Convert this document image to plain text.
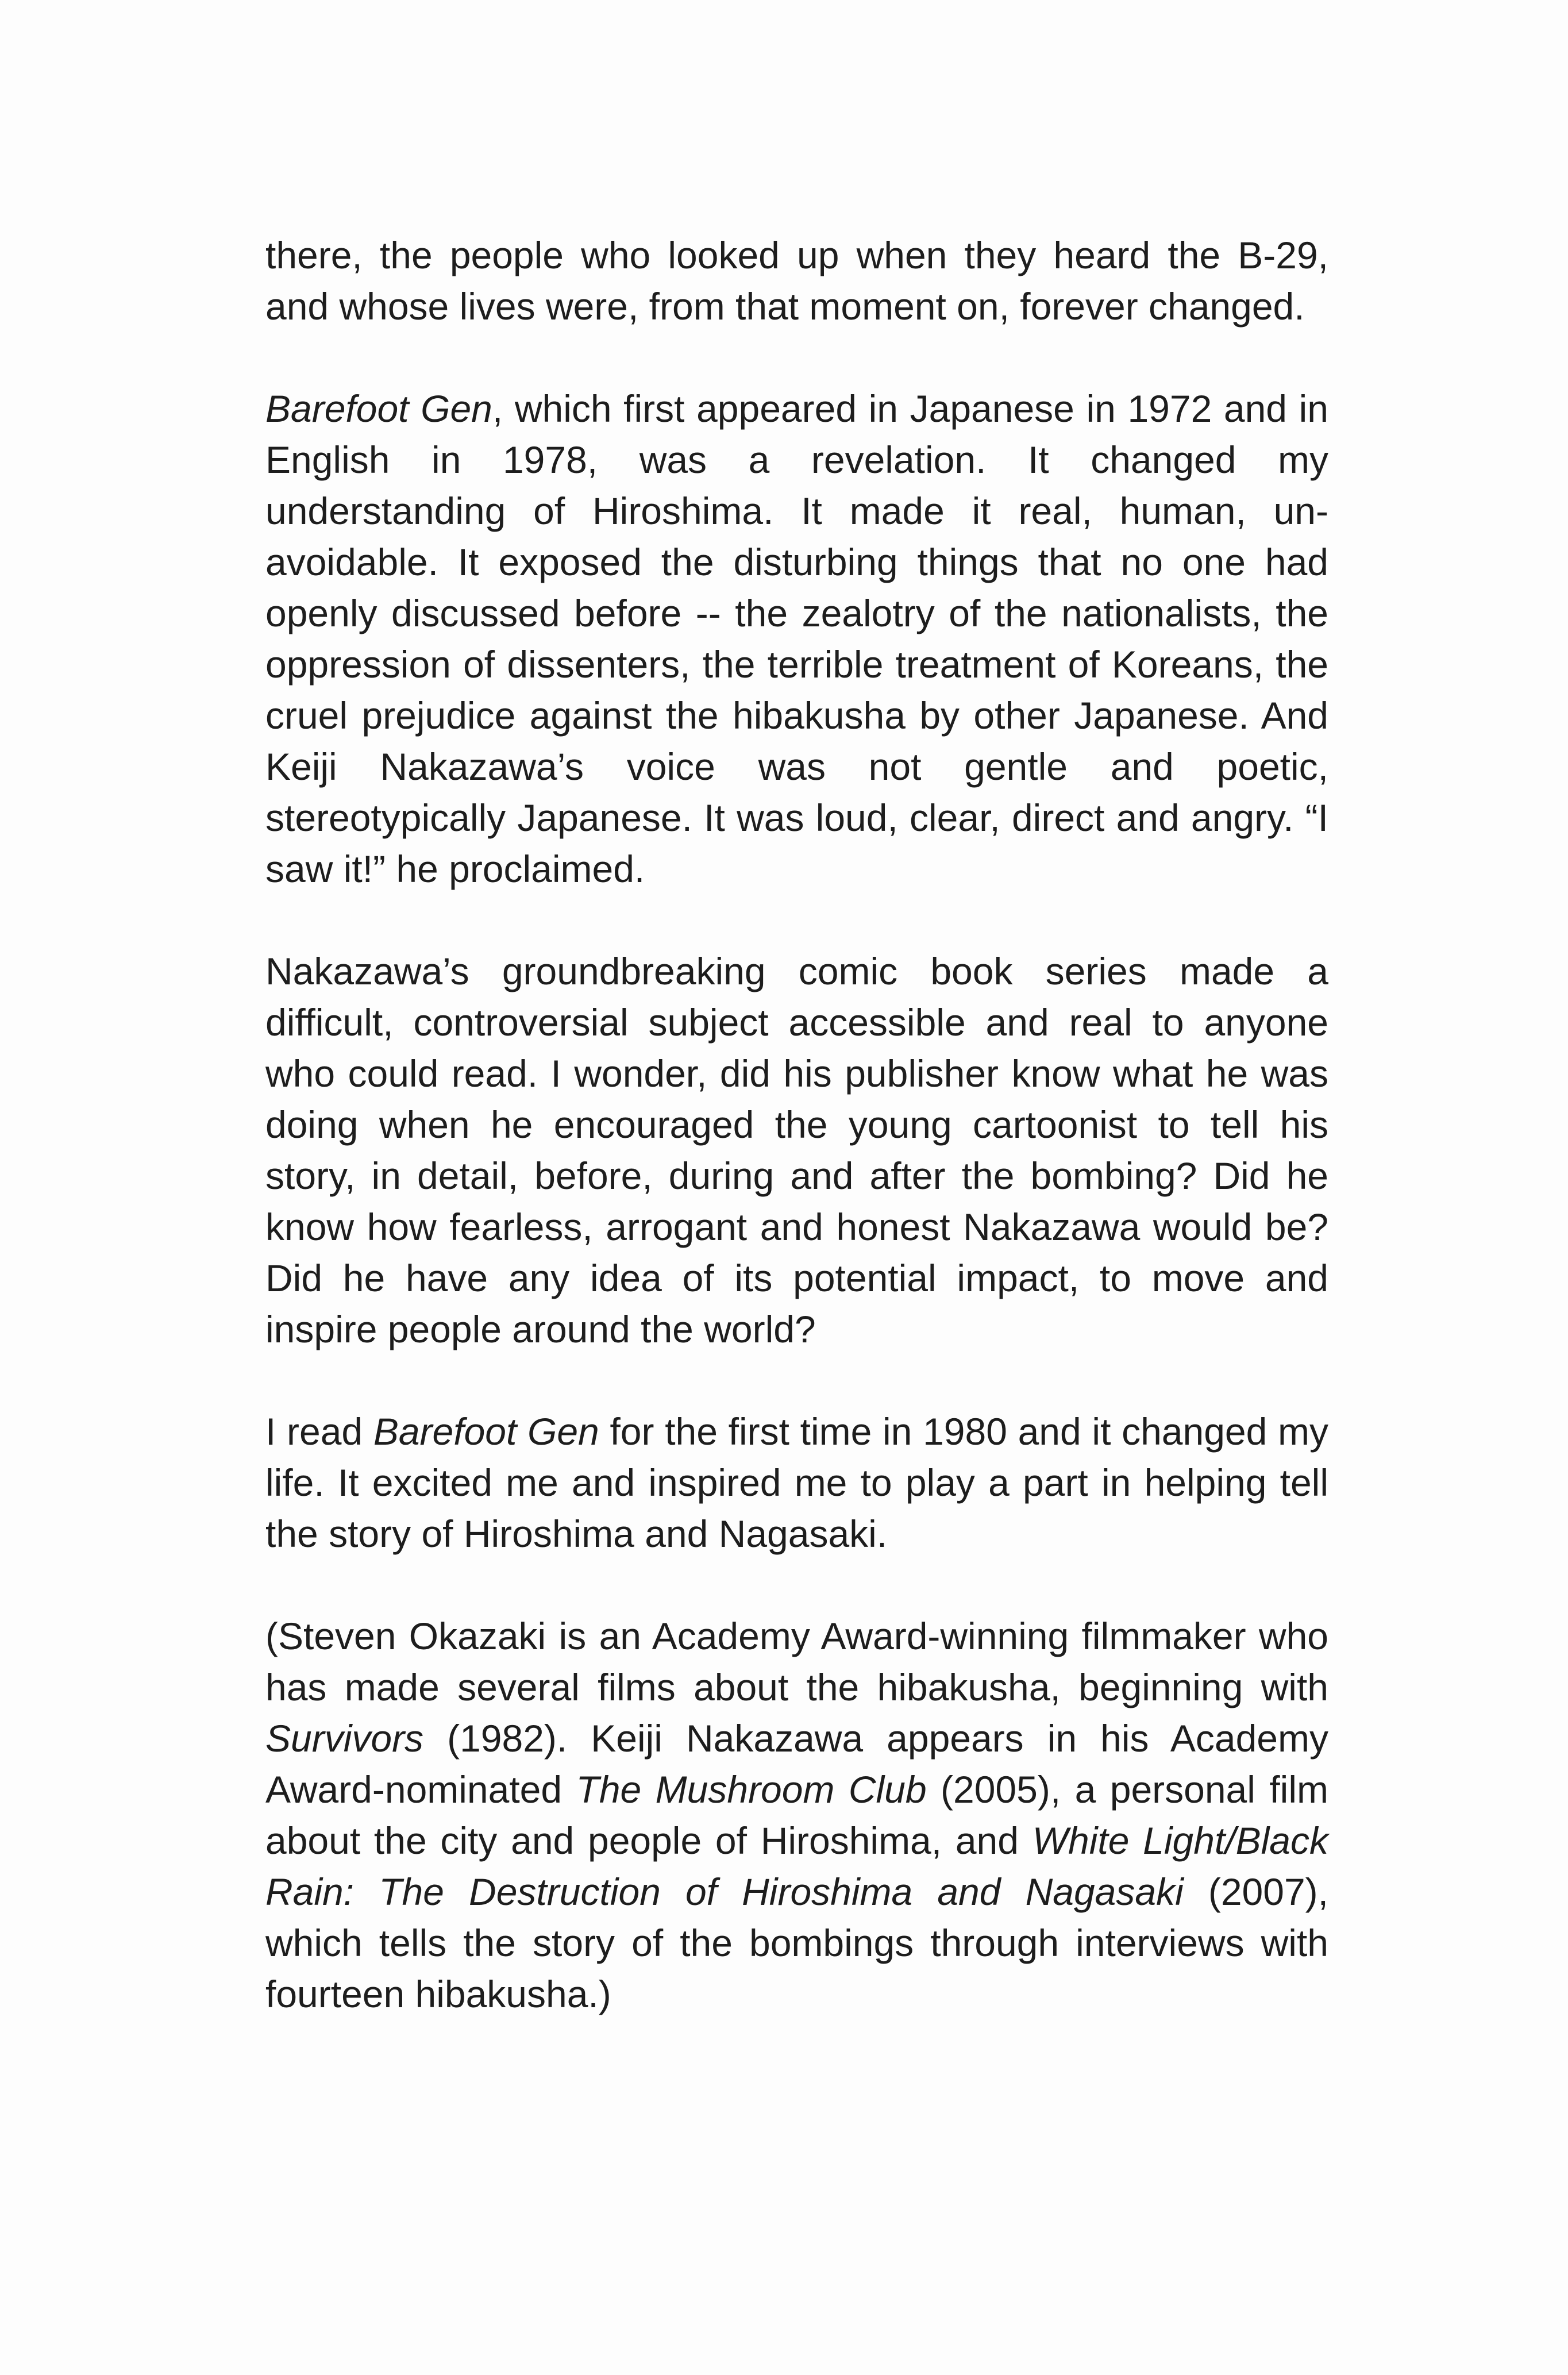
there, the people who looked up when they heard the B-29, and whose lives were, from that moment on, forever changed.

Barefoot Gen, which first appeared in Japanese in 1972 and in English in 1978, was a revelation. It changed my understanding of Hiroshima. It made it real, human, unavoidable. It exposed the disturbing things that no one had openly discussed before -- the zealotry of the nationalists, the oppression of dissenters, the terrible treatment of Koreans, the cruel prejudice against the hibakusha by other Japanese. And Keiji Nakazawa’s voice was not gentle and poetic, stereotypically Japanese. It was loud, clear, direct and angry. “I saw it!” he proclaimed.

Nakazawa’s groundbreaking comic book series made a difficult, controversial subject accessible and real to anyone who could read. I wonder, did his publisher know what he was doing when he encouraged the young cartoonist to tell his story, in detail, before, during and after the bombing? Did he know how fearless, arrogant and honest Nakazawa would be? Did he have any idea of its potential impact, to move and inspire people around the world?

I read Barefoot Gen for the first time in 1980 and it changed my life. It excited me and inspired me to play a part in helping tell the story of Hiroshima and Nagasaki.

(Steven Okazaki is an Academy Award-winning filmmaker who has made several films about the hibakusha, beginning with Survivors (1982). Keiji Nakazawa appears in his Academy Award-nominated The Mushroom Club (2005), a personal film about the city and people of Hiroshima, and White Light/Black Rain: The Destruction of Hiroshima and Nagasaki (2007), which tells the story of the bombings through interviews with fourteen hibakusha.)
